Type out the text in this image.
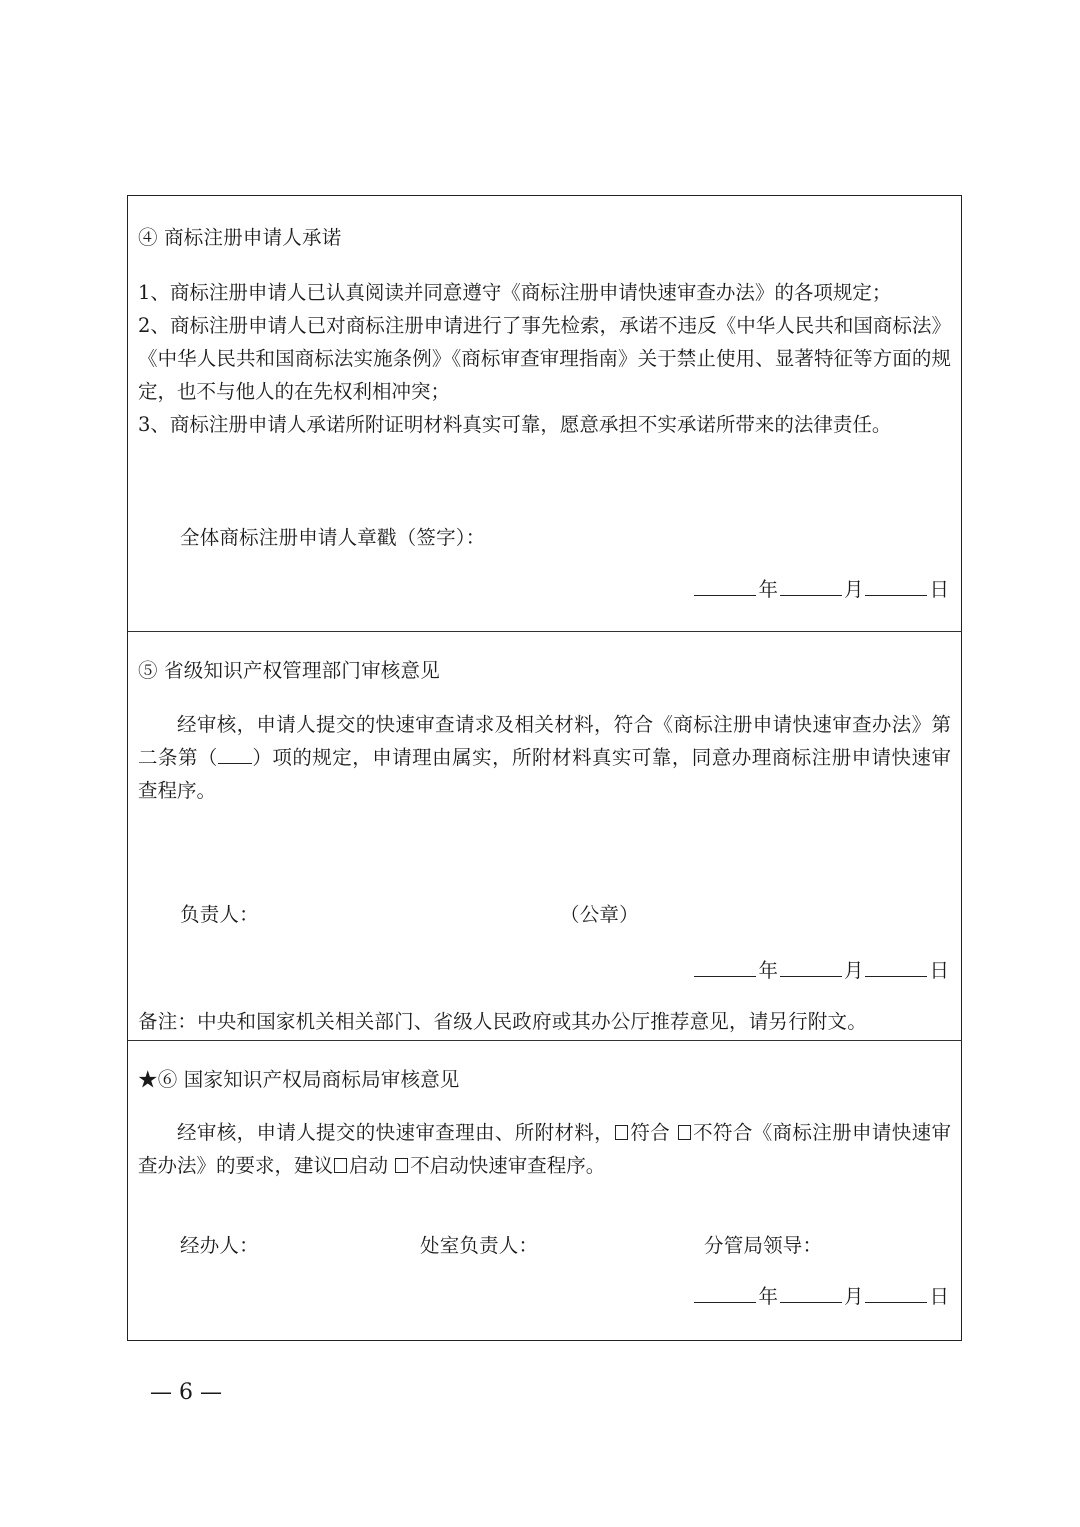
④ 商标注册申请人承诺
1、商标注册申请人已认真阅读并同意遵守《商标注册申请快速审查办法》的各项规定；
2、商标注册申请人已对商标注册申请进行了事先检索，承诺不违反《中华人民共和国商标法》《中华人民共和国商标法实施条例》《商标审查审理指南》关于禁止使用、显著特征等方面的规定，也不与他人的在先权利相冲突；
3、商标注册申请人承诺所附证明材料真实可靠，愿意承担不实承诺所带来的法律责任。
全体商标注册申请人章戳（签字）：
年	月	日
⑤ 省级知识产权管理部门审核意见
经审核，申请人提交的快速审查请求及相关材料，符合《商标注册申请快速审查办法》第二条第（ ）项的规定，申请理由属实，所附材料真实可靠，同意办理商标注册申请快速审查程序。
负责人：	（公章）
年	月	日
备注：中央和国家机关相关部门、省级人民政府或其办公厅推荐意见，请另行附文。
★⑥ 国家知识产权局商标局审核意见
经审核，申请人提交的快速审查理由、所附材料， 符合 不符合《商标注册申请快速审查办法》的要求，建议 启动 不启动快速审查程序。
经办人：	处室负责人：	分管局领导：
年	月	日
— 6 —
